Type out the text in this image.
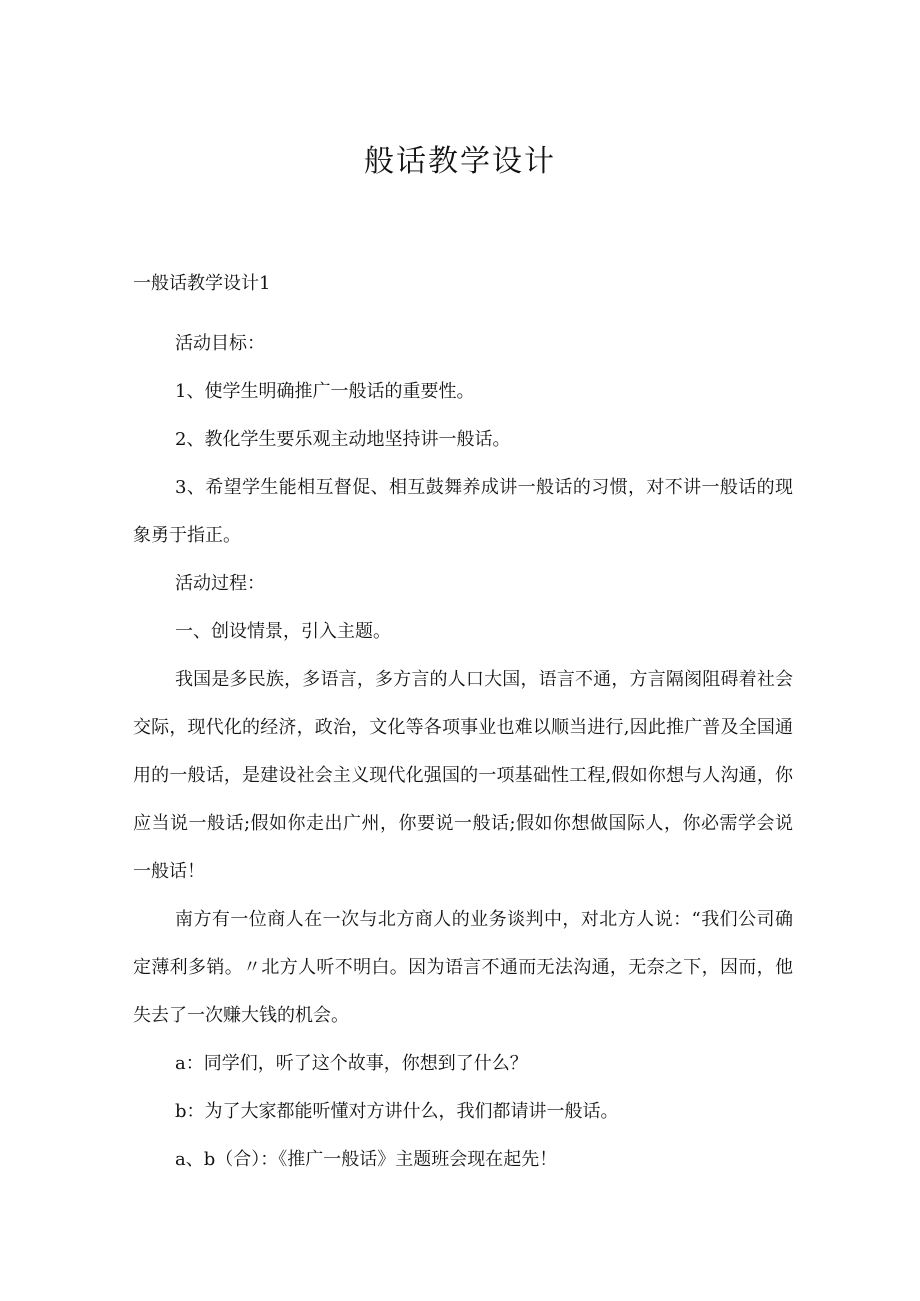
般话教学设计
一般话教学设计1

活动目标：

1、使学生明确推广一般话的重要性。

2、教化学生要乐观主动地坚持讲一般话。

3、希望学生能相互督促、相互鼓舞养成讲一般话的习惯，对不讲一般话的现象勇于指正。

活动过程：

一、创设情景，引入主题。

我国是多民族，多语言，多方言的人口大国，语言不通，方言隔阂阻碍着社会交际，现代化的经济，政治，文化等各项事业也难以顺当进行,因此推广普及全国通用的一般话，是建设社会主义现代化强国的一项基础性工程,假如你想与人沟通，你应当说一般话;假如你走出广州，你要说一般话;假如你想做国际人，你必需学会说一般话！

南方有一位商人在一次与北方商人的业务谈判中，对北方人说：“我们公司确定薄利多销。〃北方人听不明白。因为语言不通而无法沟通，无奈之下，因而，他失去了一次赚大钱的机会。

a：同学们，听了这个故事，你想到了什么？

b：为了大家都能听懂对方讲什么，我们都请讲一般话。

a、b（合）：《推广一般话》主题班会现在起先！
